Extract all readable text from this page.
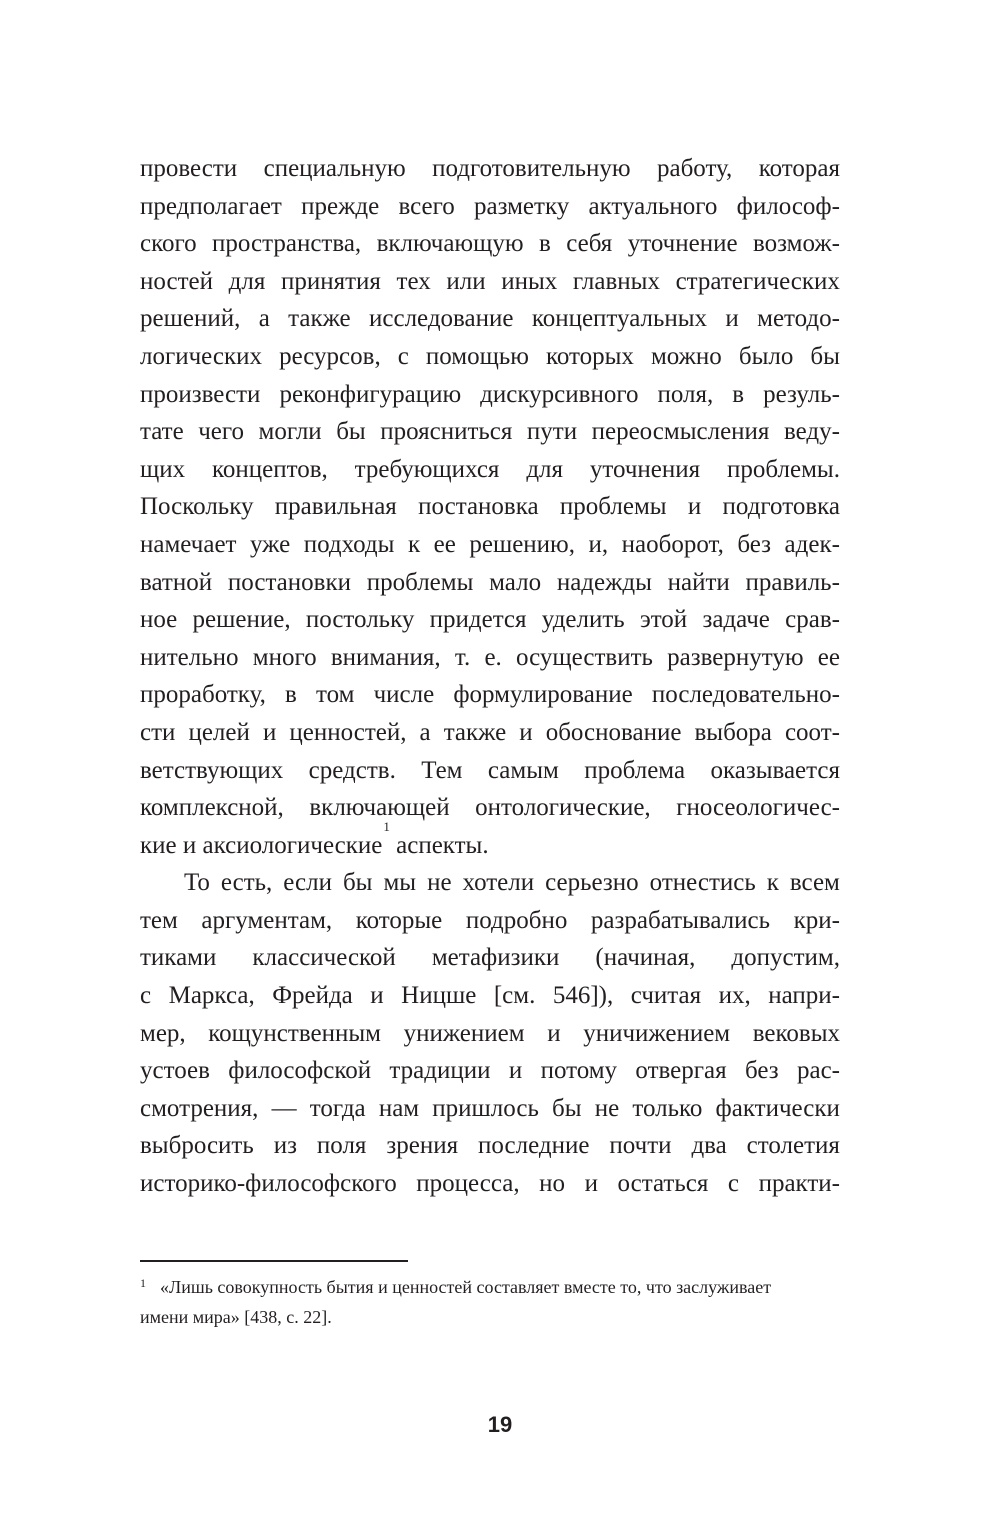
провести специальную подготовительную работу, которая
предполагает прежде всего разметку актуального философ-
ского пространства, включающую в себя уточнение возмож-
ностей для принятия тех или иных главных стратегических
решений, а также исследование концептуальных и методо-
логических ресурсов, с помощью которых можно было бы
произвести реконфигурацию дискурсивного поля, в резуль-
тате чего могли бы проясниться пути переосмысления веду-
щих концептов, требующихся для уточнения проблемы.
Поскольку правильная постановка проблемы и подготовка
намечает уже подходы к ее решению, и, наоборот, без адек-
ватной постановки проблемы мало надежды найти правиль-
ное решение, постольку придется уделить этой задаче срав-
нительно много внимания, т. е. осуществить развернутую ее
проработку, в том числе формулирование последовательно-
сти целей и ценностей, а также и обоснование выбора соот-
ветствующих средств. Тем самым проблема оказывается
комплексной, включающей онтологические, гносеологичес-
кие и аксиологические
1

аспекты.
То есть, если бы мы не хотели серьезно отнестись к всем
тем аргументам, которые подробно разрабатывались кри-
тиками классической метафизики (начиная, допустим,
с Маркса, Фрейда и Ницше [см. 546]), считая их, напри-
мер, кощунственным унижением и уничижением вековых
устоев философской традиции и потому отвергая без рас-
смотрения, — тогда нам пришлось бы не только фактически
выбросить из поля зрения последние почти два столетия
историко-философского процесса, но и остаться с практи-
$^1$ «Лишь совокупность бытия и ценностей составляет вместе то, что заслуживает
имени мира» [438, с. 22].
19
